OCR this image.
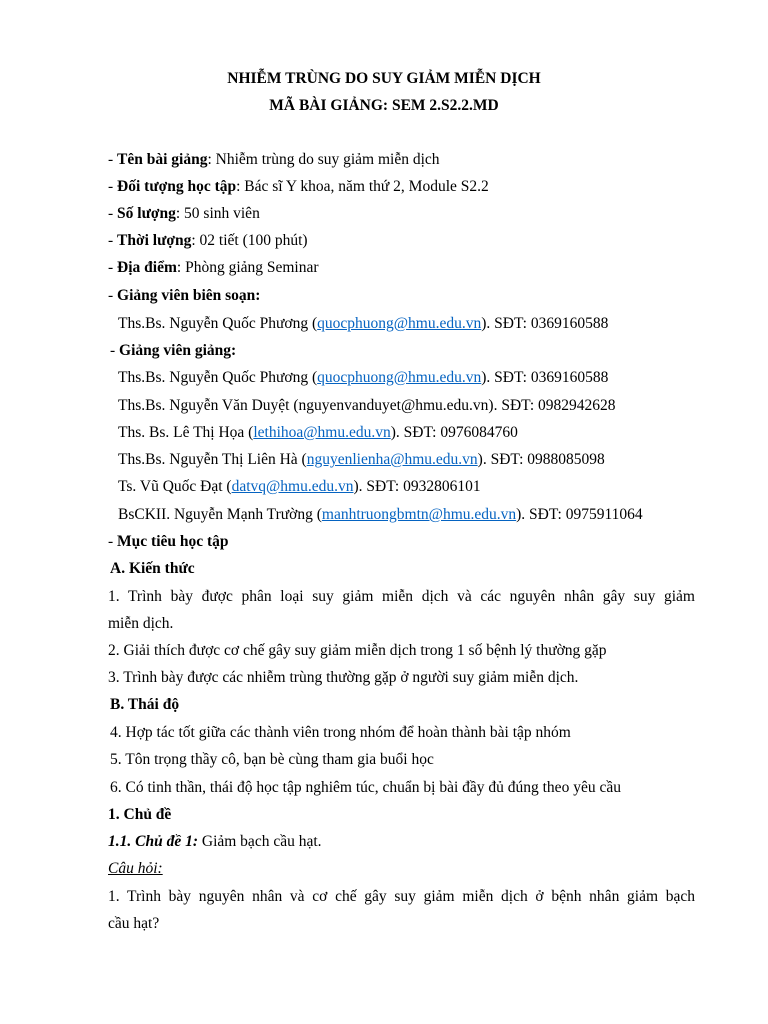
NHIỄM TRÙNG DO SUY GIẢM MIỄN DỊCH
MÃ BÀI GIẢNG: SEM 2.S2.2.MD
- Tên bài giảng: Nhiễm trùng do suy giảm miễn dịch
- Đối tượng học tập: Bác sĩ Y khoa, năm thứ 2, Module S2.2
- Số lượng: 50 sinh viên
- Thời lượng: 02 tiết (100 phút)
- Địa điểm: Phòng giảng Seminar
- Giảng viên biên soạn:
Ths.Bs. Nguyễn Quốc Phương (quocphuong@hmu.edu.vn). SĐT: 0369160588
- Giảng viên giảng:
Ths.Bs. Nguyễn Quốc Phương (quocphuong@hmu.edu.vn). SĐT: 0369160588
Ths.Bs. Nguyễn Văn Duyệt (nguyenvanduyet@hmu.edu.vn). SĐT: 0982942628
Ths. Bs. Lê Thị Họa (lethihoa@hmu.edu.vn). SĐT: 0976084760
Ths.Bs. Nguyễn Thị Liên Hà (nguyenlienha@hmu.edu.vn). SĐT: 0988085098
Ts. Vũ Quốc Đạt (datvq@hmu.edu.vn). SĐT: 0932806101
BsCKII. Nguyễn Mạnh Trường (manhtruongbmtn@hmu.edu.vn). SĐT: 0975911064
- Mục tiêu học tập
A. Kiến thức
1. Trình bày được phân loại suy giảm miễn dịch và các nguyên nhân gây suy giảm
miễn dịch.
2. Giải thích được cơ chế gây suy giảm miễn dịch trong 1 số bệnh lý thường gặp
3. Trình bày được các nhiễm trùng thường gặp ở người suy giảm miễn dịch.
B. Thái độ
4. Hợp tác tốt giữa các thành viên trong nhóm để hoàn thành bài tập nhóm
5. Tôn trọng thầy cô, bạn bè cùng tham gia buổi học
6. Có tinh thần, thái độ học tập nghiêm túc, chuẩn bị bài đầy đủ đúng theo yêu cầu
1. Chủ đề
1.1. Chủ đề 1: Giảm bạch cầu hạt.
Câu hỏi:
1. Trình bày nguyên nhân và cơ chế gây suy giảm miễn dịch ở bệnh nhân giảm bạch
cầu hạt?
